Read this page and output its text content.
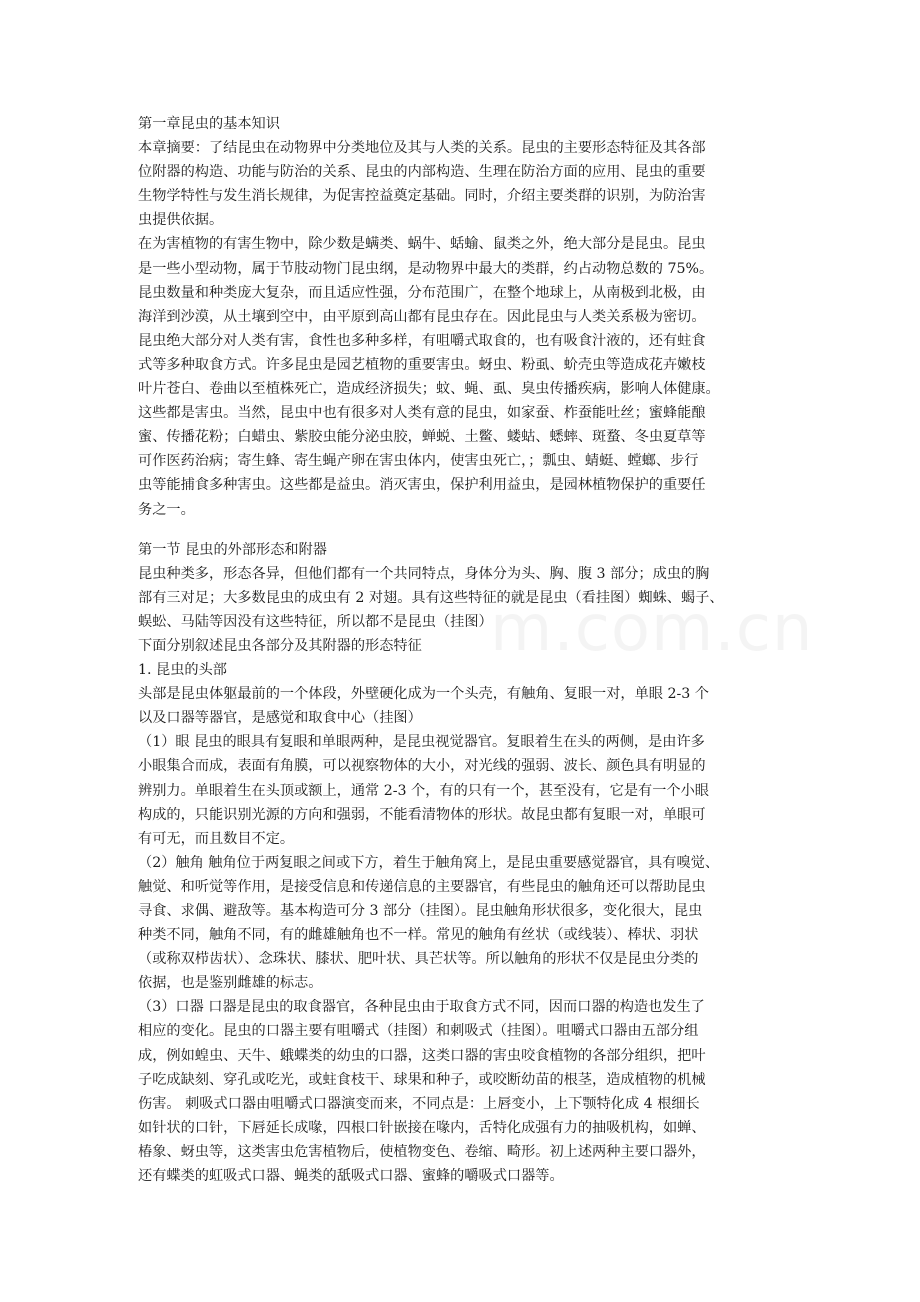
第一章昆虫的基本知识
本章摘要：了结昆虫在动物界中分类地位及其与人类的关系。昆虫的主要形态特征及其各部
位附器的构造、功能与防治的关系、昆虫的内部构造、生理在防治方面的应用、昆虫的重要
生物学特性与发生消长规律，为促害控益奠定基础。同时，介绍主要类群的识别，为防治害
虫提供依据。
在为害植物的有害生物中，除少数是螨类、蜗牛、蛞蝓、鼠类之外，绝大部分是昆虫。昆虫
是一些小型动物，属于节肢动物门昆虫纲，是动物界中最大的类群，约占动物总数的 75%。
昆虫数量和种类庞大复杂，而且适应性强，分布范围广，在整个地球上，从南极到北极，由
海洋到沙漠，从土壤到空中，由平原到高山都有昆虫存在。因此昆虫与人类关系极为密切。
昆虫绝大部分对人类有害，食性也多种多样，有咀嚼式取食的，也有吸食汁液的，还有蛀食
式等多种取食方式。许多昆虫是园艺植物的重要害虫。蚜虫、粉虱、蚧壳虫等造成花卉嫩枝
叶片苍白、卷曲以至植株死亡，造成经济损失；蚊、蝇、虱、臭虫传播疾病，影响人体健康。
这些都是害虫。当然，昆虫中也有很多对人类有意的昆虫，如家蚕、柞蚕能吐丝；蜜蜂能酿
蜜、传播花粉；白蜡虫、紫胶虫能分泌虫胶，蝉蜕、土鳖、蝼蛄、蟋蟀、斑蝥、冬虫夏草等
可作医药治病；寄生蜂、寄生蝇产卵在害虫体内，使害虫死亡，；瓢虫、蜻蜓、螳螂、步行
虫等能捕食多种害虫。这些都是益虫。消灭害虫，保护利用益虫，是园林植物保护的重要任
务之一。
第一节 昆虫的外部形态和附器
昆虫种类多，形态各异，但他们都有一个共同特点，身体分为头、胸、腹 3 部分；成虫的胸
部有三对足；大多数昆虫的成虫有 2 对翅。具有这些特征的就是昆虫（看挂图）蜘蛛、蝎子、
蜈蚣、马陆等因没有这些特征，所以都不是昆虫（挂图）
下面分别叙述昆虫各部分及其附器的形态特征
1. 昆虫的头部
头部是昆虫体躯最前的一个体段，外壁硬化成为一个头壳，有触角、复眼一对，单眼 2-3 个
以及口器等器官，是感觉和取食中心（挂图）
（1）眼 昆虫的眼具有复眼和单眼两种，是昆虫视觉器官。复眼着生在头的两侧，是由许多
小眼集合而成，表面有角膜，可以视察物体的大小，对光线的强弱、波长、颜色具有明显的
辨别力。单眼着生在头顶或额上，通常 2-3 个，有的只有一个，甚至没有，它是有一个小眼
构成的，只能识别光源的方向和强弱，不能看清物体的形状。故昆虫都有复眼一对，单眼可
有可无，而且数目不定。
（2）触角 触角位于两复眼之间或下方，着生于触角窝上，是昆虫重要感觉器官，具有嗅觉、
触觉、和听觉等作用，是接受信息和传递信息的主要器官，有些昆虫的触角还可以帮助昆虫
寻食、求偶、避敌等。基本构造可分 3 部分（挂图）。昆虫触角形状很多，变化很大，昆虫
种类不同，触角不同，有的雌雄触角也不一样。常见的触角有丝状（或线装）、棒状、羽状
（或称双栉齿状）、念珠状、膝状、肥叶状、具芒状等。所以触角的形状不仅是昆虫分类的
依据，也是鉴别雌雄的标志。
（3）口器 口器是昆虫的取食器官，各种昆虫由于取食方式不同，因而口器的构造也发生了
相应的变化。昆虫的口器主要有咀嚼式（挂图）和刺吸式（挂图）。咀嚼式口器由五部分组
成，例如蝗虫、天牛、蛾蝶类的幼虫的口器，这类口器的害虫咬食植物的各部分组织，把叶
子吃成缺刻、穿孔或吃光，或蛀食枝干、球果和种子，或咬断幼苗的根茎，造成植物的机械
伤害。 刺吸式口器由咀嚼式口器演变而来，不同点是：上唇变小，上下颚特化成 4 根细长
如针状的口针，下唇延长成喙，四根口针嵌接在喙内，舌特化成强有力的抽吸机构，如蝉、
椿象、蚜虫等，这类害虫危害植物后，使植物变色、卷缩、畸形。初上述两种主要口器外，
还有蝶类的虹吸式口器、蝇类的舐吸式口器、蜜蜂的嚼吸式口器等。
